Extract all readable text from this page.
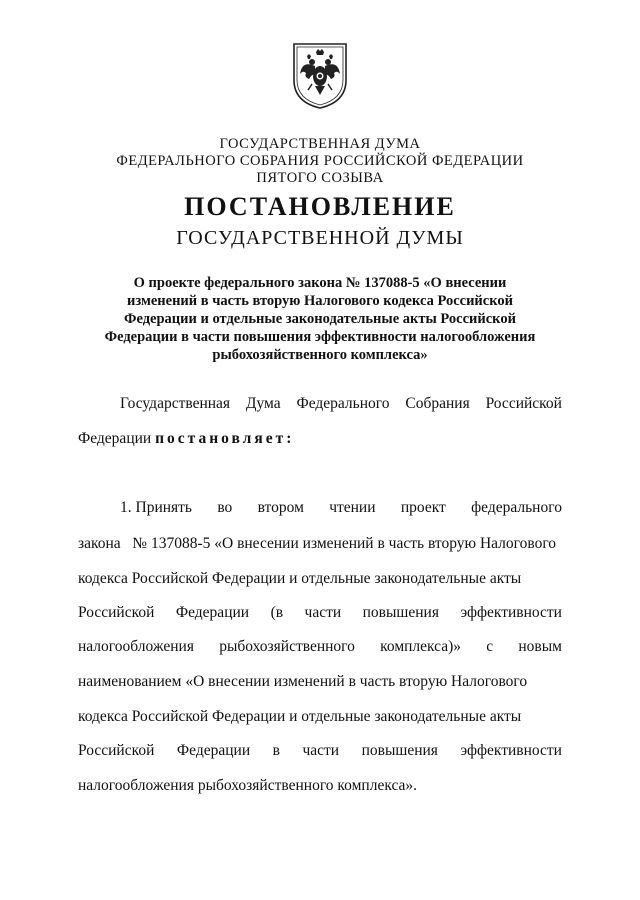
ГОСУДАРСТВЕННАЯ ДУМА
ФЕДЕРАЛЬНОГО СОБРАНИЯ РОССИЙСКОЙ ФЕДЕРАЦИИ
ПЯТОГО СОЗЫВА
ПОСТАНОВЛЕНИЕ
ГОСУДАРСТВЕННОЙ ДУМЫ
О проекте федерального закона № 137088-5 «О внесении
изменений в часть вторую Налогового кодекса Российской
Федерации и отдельные законодательные акты Российской
Федерации в части повышения эффективности налогообложения
рыбохозяйственного комплекса»
Государственная Дума Федерального Собрания Российской
Федерации постановляет:
1. Принять во втором чтении проект федерального
закона   № 137088-5 «О внесении изменений в часть вторую Налогового
кодекса Российской Федерации и отдельные законодательные акты
Российской Федерации (в части повышения эффективности
налогообложения рыбохозяйственного комплекса)» с новым
наименованием «О внесении изменений в часть вторую Налогового
кодекса Российской Федерации и отдельные законодательные акты
Российской Федерации в части повышения эффективности
налогообложения рыбохозяйственного комплекса».
